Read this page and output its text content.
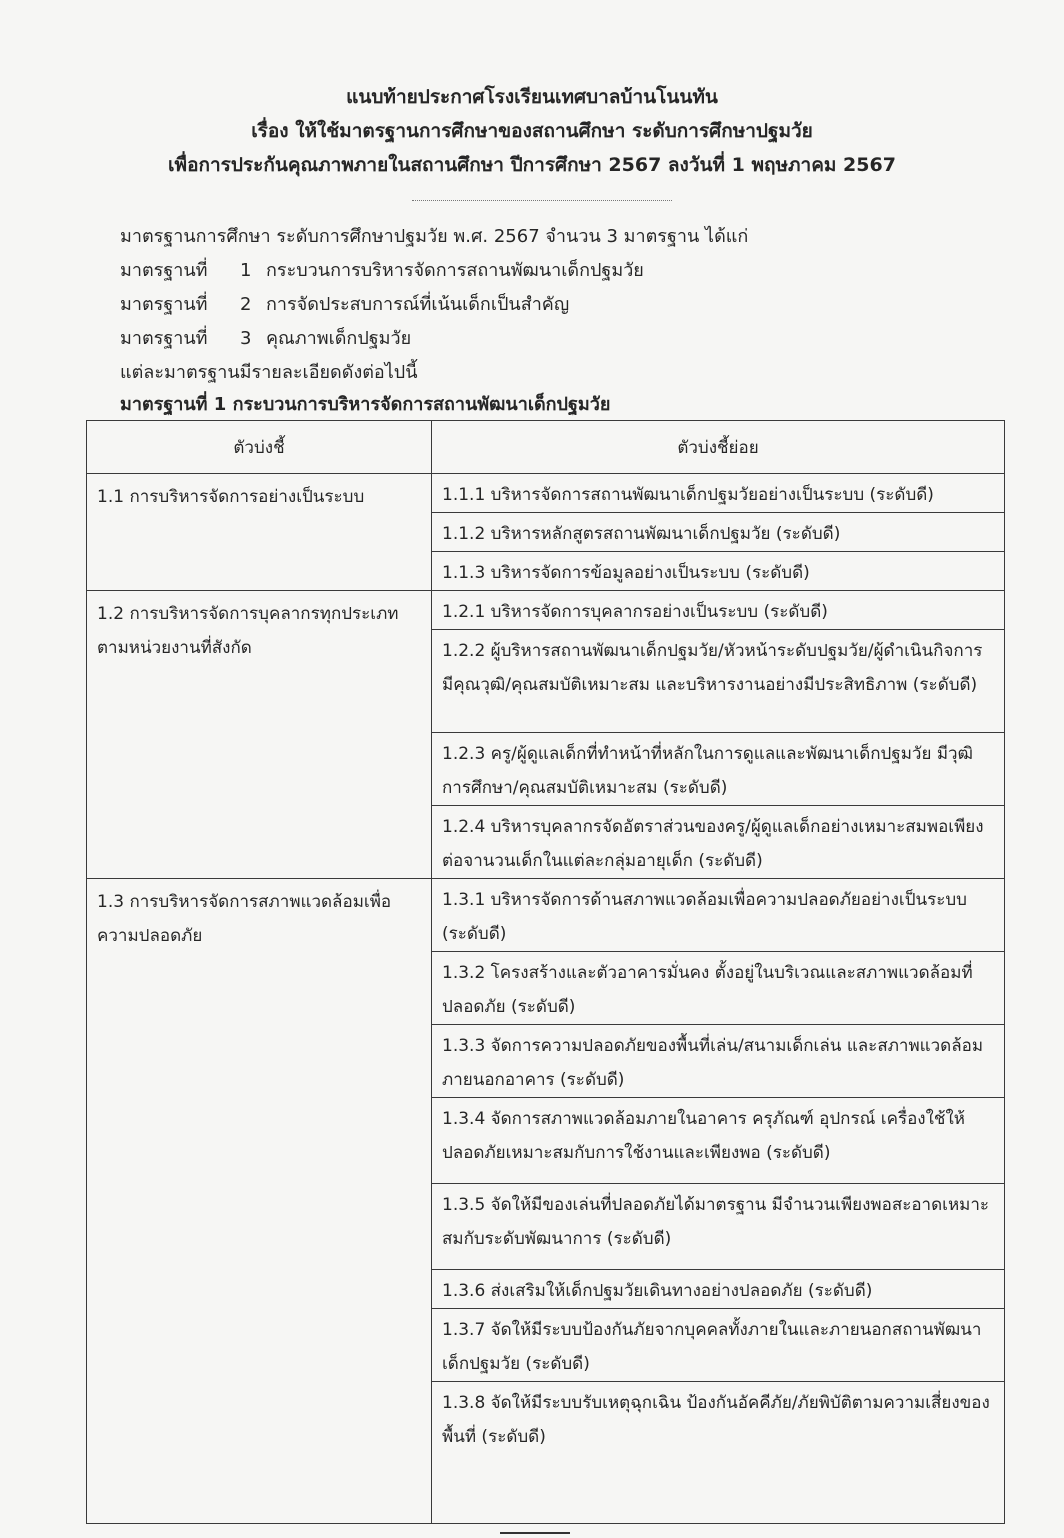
แนบท้ายประกาศโรงเรียนเทศบาลบ้านโนนทัน
เรื่อง ให้ใช้มาตรฐานการศึกษาของสถานศึกษา ระดับการศึกษาปฐมวัย
เพื่อการประกันคุณภาพภายในสถานศึกษา ปีการศึกษา 2567 ลงวันที่ 1 พฤษภาคม 2567
มาตรฐานการศึกษา ระดับการศึกษาปฐมวัย พ.ศ. 2567 จำนวน 3 มาตรฐาน ได้แก่
มาตรฐานที่ 1 กระบวนการบริหารจัดการสถานพัฒนาเด็กปฐมวัย
มาตรฐานที่ 2 การจัดประสบการณ์ที่เน้นเด็กเป็นสำคัญ
มาตรฐานที่ 3 คุณภาพเด็กปฐมวัย
แต่ละมาตรฐานมีรายละเอียดดังต่อไปนี้
มาตรฐานที่ 1 กระบวนการบริหารจัดการสถานพัฒนาเด็กปฐมวัย
ตัวบ่งชี้	ตัวบ่งชี้ย่อย

1.1 การบริหารจัดการอย่างเป็นระบบ	1.1.1 บริหารจัดการสถานพัฒนาเด็กปฐมวัยอย่างเป็นระบบ (ระดับดี)

	1.1.2 บริหารหลักสูตรสถานพัฒนาเด็กปฐมวัย (ระดับดี)

	1.1.3 บริหารจัดการข้อมูลอย่างเป็นระบบ (ระดับดี)

1.2 การบริหารจัดการบุคลากรทุกประเภทตามหน่วยงานที่สังกัด	1.2.1 บริหารจัดการบุคลากรอย่างเป็นระบบ (ระดับดี)

	1.2.2 ผู้บริหารสถานพัฒนาเด็กปฐมวัย/หัวหน้าระดับปฐมวัย/ผู้ดำเนินกิจการ มีคุณวุฒิ/คุณสมบัติเหมาะสม และบริหารงานอย่างมีประสิทธิภาพ (ระดับดี)

	1.2.3 ครู/ผู้ดูแลเด็กที่ทำหน้าที่หลักในการดูแลและพัฒนาเด็กปฐมวัย มีวุฒิการศึกษา/คุณสมบัติเหมาะสม (ระดับดี)

	1.2.4 บริหารบุคลากรจัดอัตราส่วนของครู/ผู้ดูแลเด็กอย่างเหมาะสมพอเพียงต่อจานวนเด็กในแต่ละกลุ่มอายุเด็ก (ระดับดี)

1.3 การบริหารจัดการสภาพแวดล้อมเพื่อความปลอดภัย	1.3.1 บริหารจัดการด้านสภาพแวดล้อมเพื่อความปลอดภัยอย่างเป็นระบบ (ระดับดี)

	1.3.2 โครงสร้างและตัวอาคารมั่นคง ตั้งอยู่ในบริเวณและสภาพแวดล้อมที่ปลอดภัย (ระดับดี)

	1.3.3 จัดการความปลอดภัยของพื้นที่เล่น/สนามเด็กเล่น และสภาพแวดล้อมภายนอกอาคาร (ระดับดี)

	1.3.4 จัดการสภาพแวดล้อมภายในอาคาร ครุภัณฑ์ อุปกรณ์ เครื่องใช้ให้ปลอดภัยเหมาะสมกับการใช้งานและเพียงพอ (ระดับดี)

	1.3.5 จัดให้มีของเล่นที่ปลอดภัยได้มาตรฐาน มีจำนวนเพียงพอสะอาดเหมาะสมกับระดับพัฒนาการ (ระดับดี)

	1.3.6 ส่งเสริมให้เด็กปฐมวัยเดินทางอย่างปลอดภัย (ระดับดี)

	1.3.7 จัดให้มีระบบป้องกันภัยจากบุคคลทั้งภายในและภายนอกสถานพัฒนาเด็กปฐมวัย (ระดับดี)

	1.3.8 จัดให้มีระบบรับเหตุฉุกเฉิน ป้องกันอัคคีภัย/ภัยพิบัติตามความเสี่ยงของพื้นที่ (ระดับดี)
